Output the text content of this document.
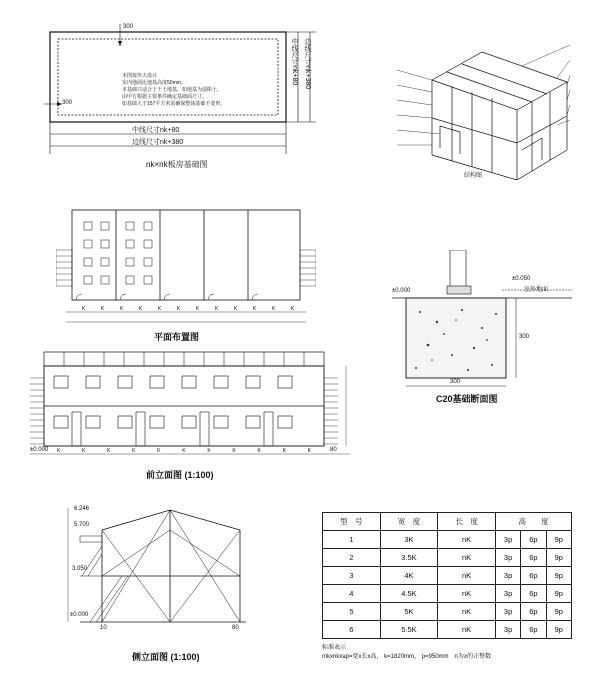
300
300
本图按块大设计
室内地面比地基高度50mm。
本基础只适合于干土地基，如地基为湿陷土，
由甲方根据主要条件确定基础面尺寸。
如基础大于157平方米需确保整体基础不变形。
中线尺寸nk+80
边线尺寸nk+380
中线尺寸nk+80 边线尺寸nk+380
nk×nk板房基础图
结构图
K	K	K	K	K	K	K	K	K	K	K	K
平面布置图
±0.000
±0.050
室外地面
300
300
C20基础断面图
±0.000 K	K	K	K	K	K	K	K	K	K	K	80
前立面图 (1:100)
6.246
5.700
3.050
±0.000
10	80
侧立面图 (1:100)
型　号	宽　度	长　度	高　　度		
1	3K	nK	3p	6p	9p
2	3.5K	nK	3p	6p	9p
3	4K	nK	3p	6p	9p
4	4.5K	nK	3p	6p	9p
5	5K	nK	3p	6p	9p
6	5.5K	nK	3p	6p	9p
标准表示
mkxnkxap=宽x长x高， k=1820mm， p=950mm　n为≥的正整数
